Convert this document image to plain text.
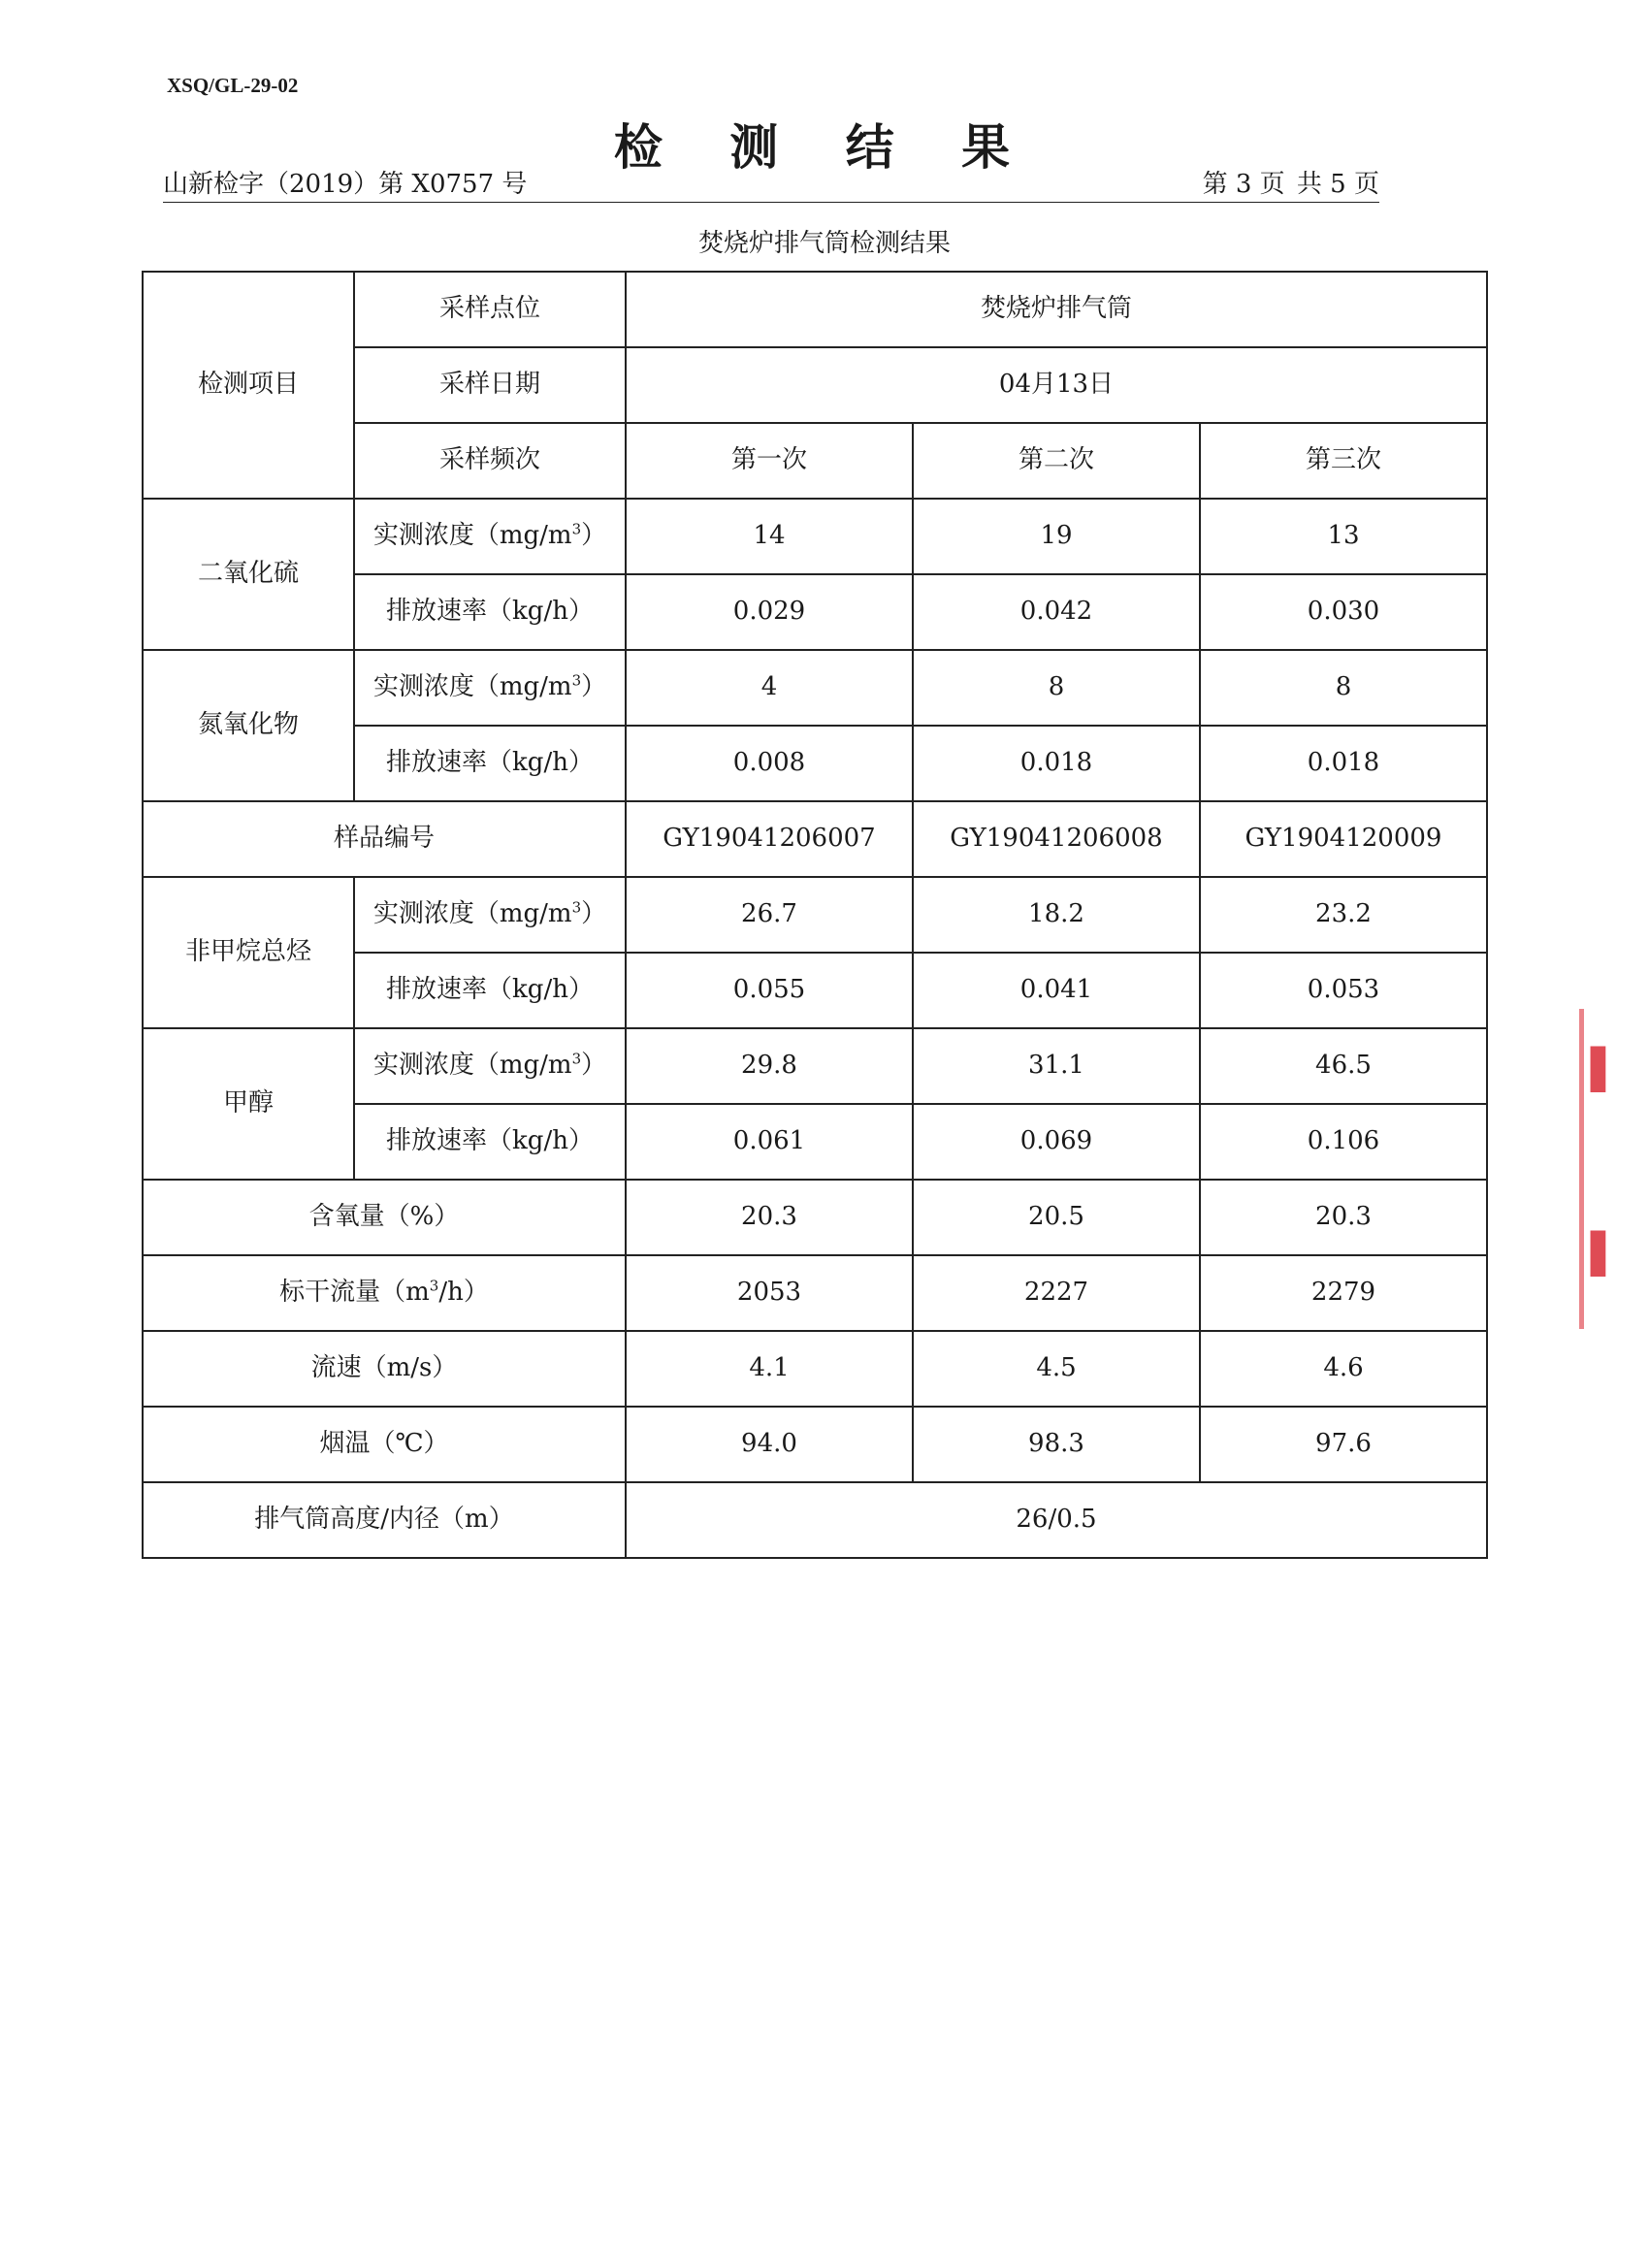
XSQ/GL-29-02
检 测 结 果
山新检字（2019）第 X0757 号	第 3 页 共 5 页
焚烧炉排气筒检测结果
检测项目	采样点位	焚烧炉排气筒		
	采样日期	04月13日		
	采样频次	第一次	第二次	第三次
二氧化硫	实测浓度$(mg/m^3)$	14	19	13
	排放速率（kg/h）	0.029	0.042	0.030
氮氧化物	实测浓度$(mg/m^3)$	4	8	8
	排放速率（kg/h）	0.008	0.018	0.018
样品编号		GY19041206007	GY19041206008	GY1904120009
非甲烷总烃	实测浓度$(mg/m^3)$	26.7	18.2	23.2
	排放速率（kg/h）	0.055	0.041	0.053
甲醇	实测浓度$(mg/m^3)$	29.8	31.1	46.5
	排放速率（kg/h）	0.061	0.069	0.106
含氧量（%）		20.3	20.5	20.3
标干流量$(m^3/h)$		2053	2227	2279
流速（m/s）		4.1	4.5	4.6
烟温（℃）		94.0	98.3	97.6
排气筒高度/内径（m）		26/0.5		
▌
▌
